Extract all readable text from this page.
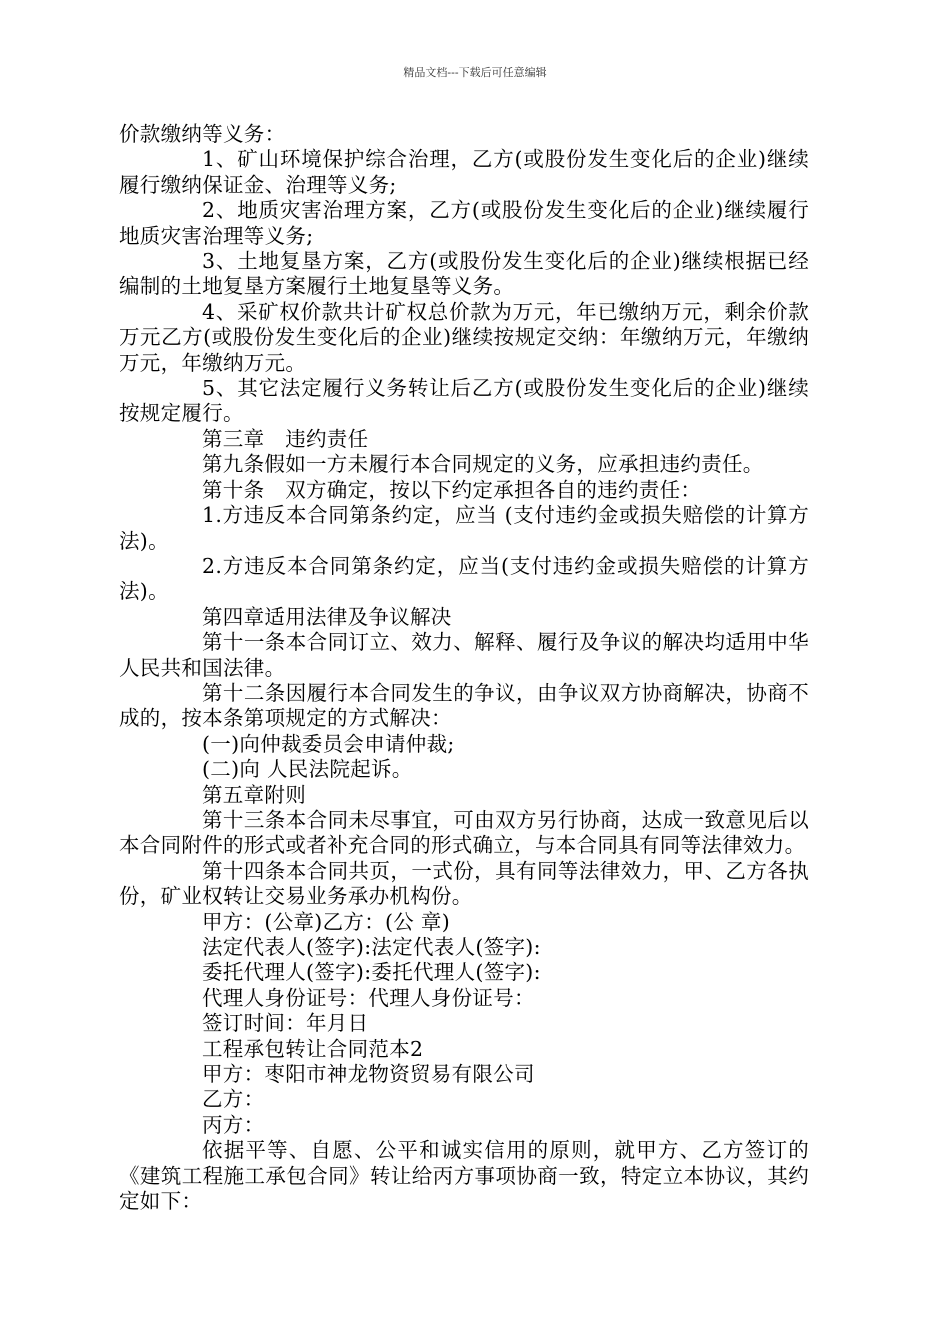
精品文档---下载后可任意编辑

价款缴纳等义务：

1、矿山环境保护综合治理，乙方(或股份发生变化后的企业)继续履行缴纳保证金、治理等义务;

2、地质灾害治理方案，乙方(或股份发生变化后的企业)继续履行地质灾害治理等义务;

3、土地复垦方案，乙方(或股份发生变化后的企业)继续根据已经编制的土地复垦方案履行土地复垦等义务。

4、采矿权价款共计矿权总价款为万元，年已缴纳万元，剩余价款万元乙方(或股份发生变化后的企业)继续按规定交纳：年缴纳万元，年缴纳万元，年缴纳万元。

5、其它法定履行义务转让后乙方(或股份发生变化后的企业)继续按规定履行。

第三章　违约责任

第九条假如一方未履行本合同规定的义务，应承担违约责任。

第十条　双方确定，按以下约定承担各自的违约责任：

1.方违反本合同第条约定，应当 (支付违约金或损失赔偿的计算方法)。

2.方违反本合同第条约定，应当(支付违约金或损失赔偿的计算方法)。

第四章适用法律及争议解决

第十一条本合同订立、效力、解释、履行及争议的解决均适用中华人民共和国法律。

第十二条因履行本合同发生的争议，由争议双方协商解决，协商不成的，按本条第项规定的方式解决：

(一)向仲裁委员会申请仲裁;

(二)向 人民法院起诉。

第五章附则

第十三条本合同未尽事宜，可由双方另行协商，达成一致意见后以本合同附件的形式或者补充合同的形式确立，与本合同具有同等法律效力。

第十四条本合同共页，一式份，具有同等法律效力，甲、乙方各执份，矿业权转让交易业务承办机构份。

甲方：(公章)乙方：(公 章)

法定代表人(签字):法定代表人(签字):

委托代理人(签字):委托代理人(签字):

代理人身份证号：代理人身份证号：

签订时间：年月日

工程承包转让合同范本2

甲方：枣阳市神龙物资贸易有限公司

乙方：

丙方：

依据平等、自愿、公平和诚实信用的原则，就甲方、乙方签订的《建筑工程施工承包合同》转让给丙方事项协商一致，特定立本协议，其约定如下：
